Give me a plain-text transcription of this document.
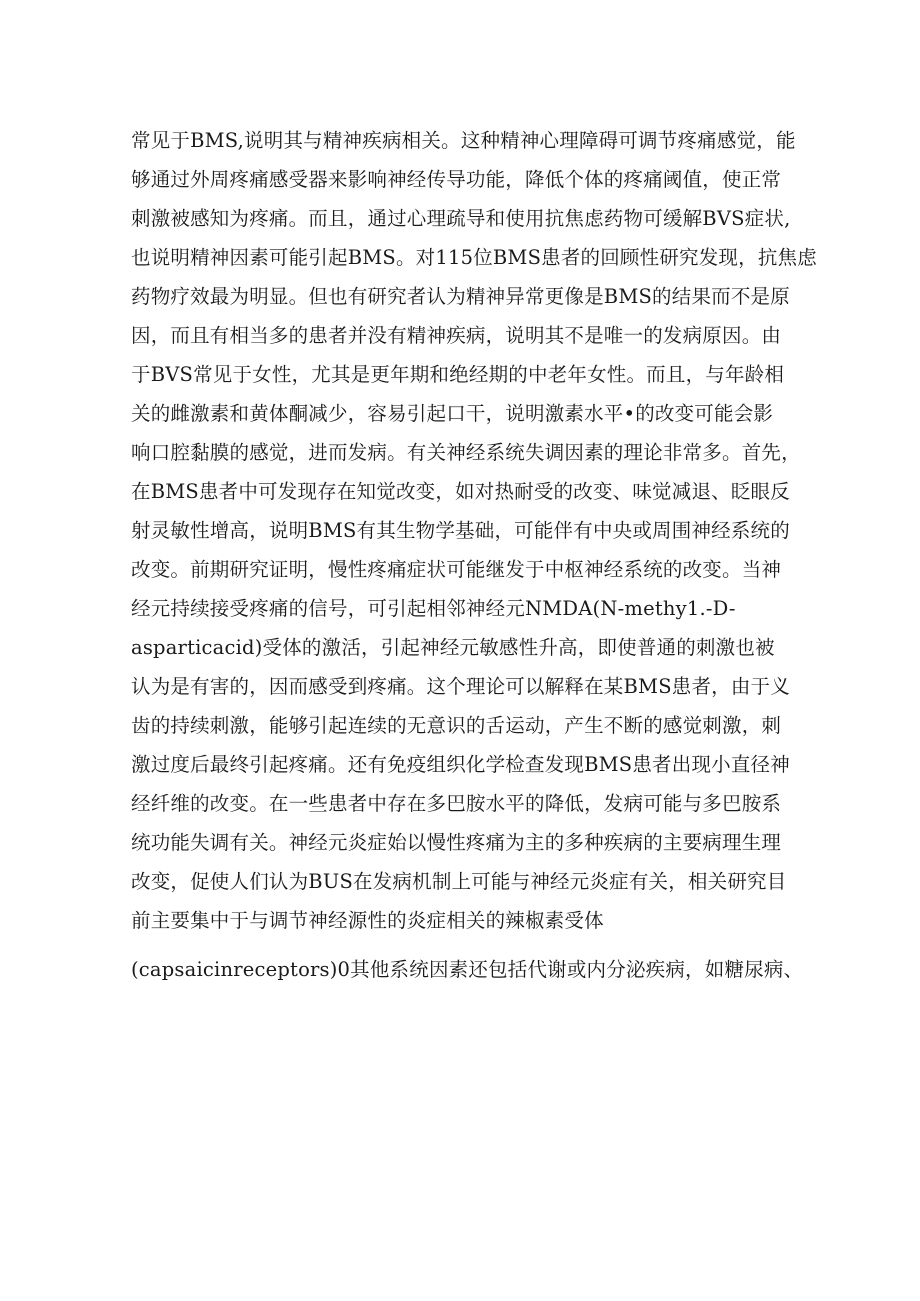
常见于BMS,说明其与精神疾病相关。这种精神心理障碍可调节疼痛感觉，能
够通过外周疼痛感受器来影响神经传导功能，降低个体的疼痛阈值，使正常
刺激被感知为疼痛。而且，通过心理疏导和使用抗焦虑药物可缓解BVS症状,
也说明精神因素可能引起BMS。对115位BMS患者的回顾性研究发现，抗焦虑
药物疗效最为明显。但也有研究者认为精神异常更像是BMS的结果而不是原
因，而且有相当多的患者并没有精神疾病，说明其不是唯一的发病原因。由
于BVS常见于女性，尤其是更年期和绝经期的中老年女性。而且，与年龄相
关的雌激素和黄体酮减少，容易引起口干，说明激素水平•的改变可能会影
响口腔黏膜的感觉，进而发病。有关神经系统失调因素的理论非常多。首先，
在BMS患者中可发现存在知觉改变，如对热耐受的改变、味觉减退、眨眼反
射灵敏性增高，说明BMS有其生物学基础，可能伴有中央或周围神经系统的
改变。前期研究证明，慢性疼痛症状可能继发于中枢神经系统的改变。当神
经元持续接受疼痛的信号，可引起相邻神经元NMDA(N-methy1.-D-
asparticacid)受体的激活，引起神经元敏感性升高，即使普通的刺激也被
认为是有害的，因而感受到疼痛。这个理论可以解释在某BMS患者，由于义
齿的持续刺激，能够引起连续的无意识的舌运动，产生不断的感觉刺激，刺
激过度后最终引起疼痛。还有免疫组织化学检查发现BMS患者出现小直径神
经纤维的改变。在一些患者中存在多巴胺水平的降低，发病可能与多巴胺系
统功能失调有关。神经元炎症始以慢性疼痛为主的多种疾病的主要病理生理
改变，促使人们认为BUS在发病机制上可能与神经元炎症有关，相关研究目
前主要集中于与调节神经源性的炎症相关的辣椒素受体
(capsaicinreceptors)0其他系统因素还包括代谢或内分泌疾病，如糖尿病、
